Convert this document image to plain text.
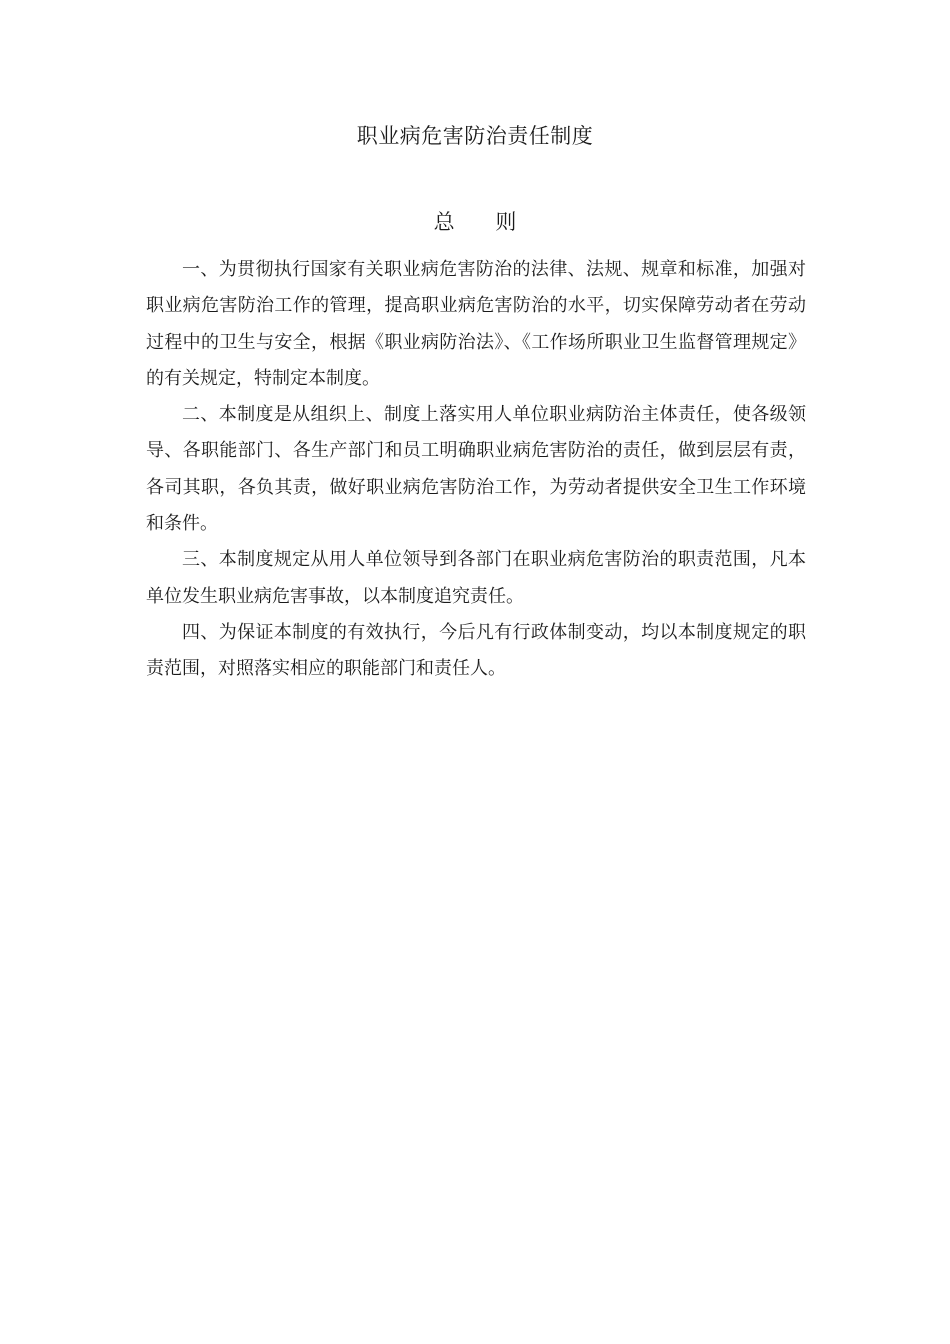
职业病危害防治责任制度
总 则

一、为贯彻执行国家有关职业病危害防治的法律、法规、规章和标准，加强对职业病危害防治工作的管理，提高职业病危害防治的水平，切实保障劳动者在劳动过程中的卫生与安全，根据《职业病防治法》、《工作场所职业卫生监督管理规定》的有关规定，特制定本制度。

二、本制度是从组织上、制度上落实用人单位职业病防治主体责任，使各级领导、各职能部门、各生产部门和员工明确职业病危害防治的责任，做到层层有责，各司其职，各负其责，做好职业病危害防治工作，为劳动者提供安全卫生工作环境和条件。

三、本制度规定从用人单位领导到各部门在职业病危害防治的职责范围，凡本单位发生职业病危害事故，以本制度追究责任。

四、为保证本制度的有效执行，今后凡有行政体制变动，均以本制度规定的职责范围，对照落实相应的职能部门和责任人。
